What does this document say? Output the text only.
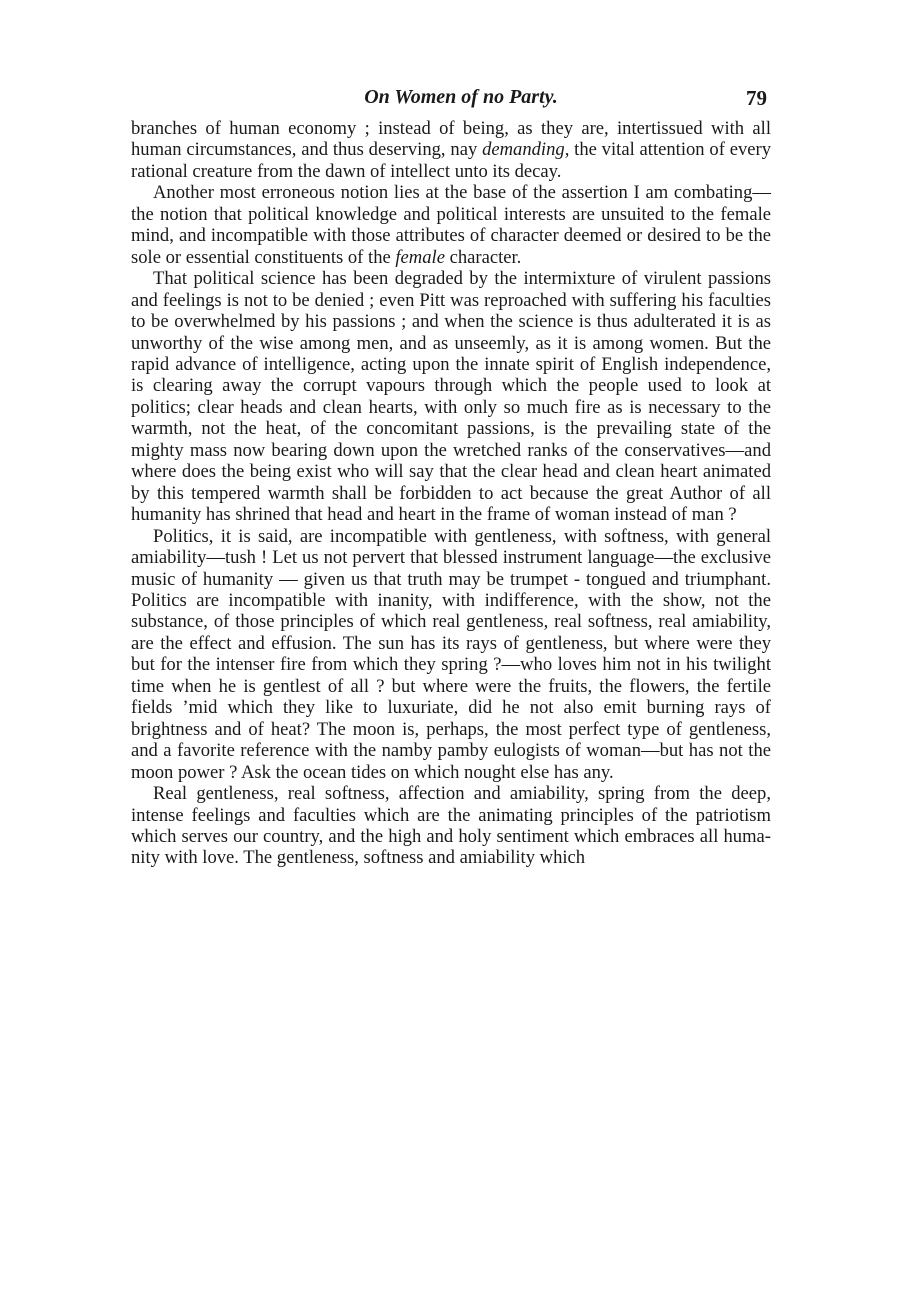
On Women of no Party.	79

branches of human economy ; instead of being, as they are, intertissued with all human circumstances, and thus deserving, nay demanding, the vital attention of every rational creature from the dawn of intellect unto its decay.

Another most erroneous notion lies at the base of the assertion I am combating—the notion that political knowledge and political interests are unsuited to the female mind, and incompatible with those attributes of character deemed or desired to be the sole or essential constituents of the female character.

That political science has been degraded by the intermixture of virulent passions and feelings is not to be denied ; even Pitt was reproached with suffering his faculties to be overwhelmed by his passions ; and when the science is thus adulterated it is as unworthy of the wise among men, and as unseemly, as it is among women. But the rapid advance of intelligence, acting upon the innate spirit of English independence, is clearing away the corrupt vapours through which the people used to look at politics; clear heads and clean hearts, with only so much fire as is necessary to the warmth, not the heat, of the concomitant passions, is the prevailing state of the mighty mass now bearing down upon the wretched ranks of the conservatives—and where does the being exist who will say that the clear head and clean heart animated by this tempered warmth shall be forbidden to act because the great Author of all humanity has shrined that head and heart in the frame of woman instead of man ?

Politics, it is said, are incompatible with gentleness, with softness, with general amiability—tush ! Let us not pervert that blessed instrument language—the exclusive music of humanity — given us that truth may be trumpet - tongued and triumphant. Politics are incompatible with inanity, with indifference, with the show, not the substance, of those principles of which real gentleness, real softness, real amiability, are the effect and effusion. The sun has its rays of gentleness, but where were they but for the intenser fire from which they spring ?—who loves him not in his twilight time when he is gentlest of all ? but where were the fruits, the flowers, the fertile fields ’mid which they like to luxuriate, did he not also emit burning rays of brightness and of heat? The moon is, perhaps, the most perfect type of gentleness, and a favorite reference with the namby pamby eulogists of woman—but has not the moon power ? Ask the ocean tides on which nought else has any.

Real gentleness, real softness, affection and amiability, spring from the deep, intense feelings and faculties which are the animating principles of the patriotism which serves our country, and the high and holy sentiment which embraces all humanity with love. The gentleness, softness and amiability which
